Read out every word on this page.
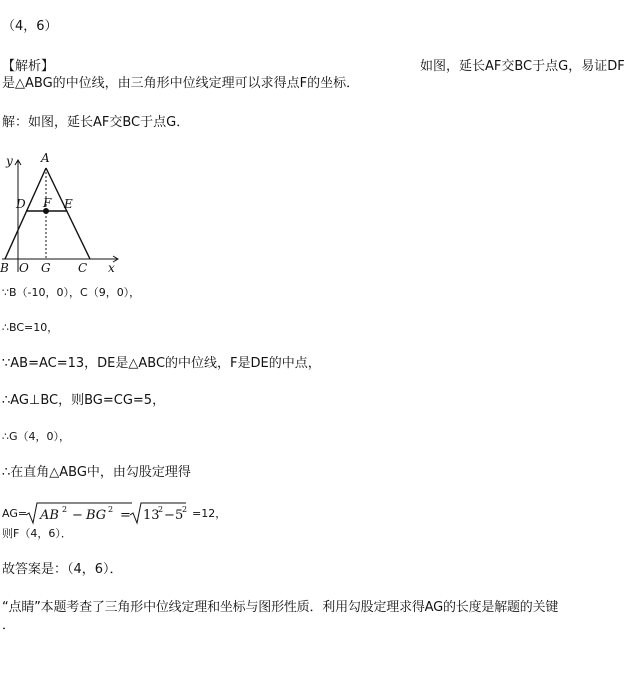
（4，6）
【解析】	如图，延长AF交BC于点G，易证DF
是△ABG的中位线，由三角形中位线定理可以求得点F的坐标．
解：如图，延长AF交BC于点G．
y A
D F E
B O G C x
∵B（-10，0），C（9，0），
∴BC=10，
∵AB=AC=13，DE是△ABC的中位线，F是DE的中点，
∴AG⊥BC，则BG=CG=5，
∴G（4，0），
∴在直角△ABG中，由勾股定理得
AG= AB 2 − BG 2 = 13
2 − 5
2 =12，
则F（4，6）．
故答案是：（4，6）．
“点睛”本题考查了三角形中位线定理和坐标与图形性质．利用勾股定理求得AG的长度是解题的关键
．
